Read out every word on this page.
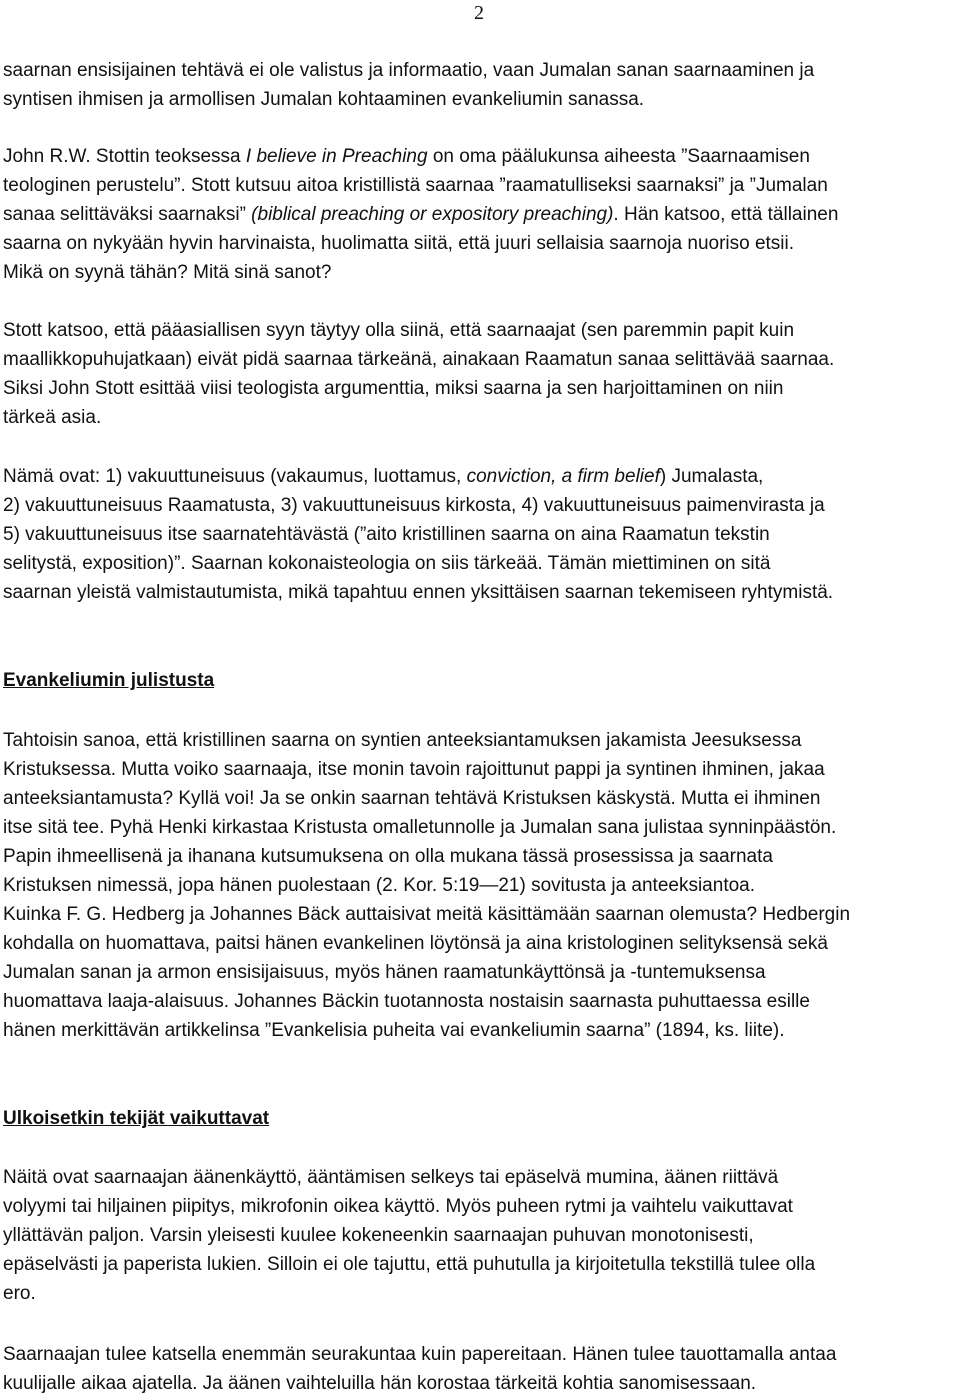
2

saarnan ensisijainen tehtävä ei ole valistus ja informaatio, vaan Jumalan sanan saarnaaminen ja
syntisen ihmisen ja armollisen Jumalan kohtaaminen evankeliumin sanassa.

John R.W. Stottin teoksessa I believe in Preaching on oma päälukunsa aiheesta ”Saarnaamisen
teologinen perustelu”. Stott kutsuu aitoa kristillistä saarnaa ”raamatulliseksi saarnaksi” ja ”Jumalan
sanaa selittäväksi saarnaksi” (biblical preaching or expository preaching). Hän katsoo, että tällainen
saarna on nykyään hyvin harvinaista, huolimatta siitä, että juuri sellaisia saarnoja nuoriso etsii.
Mikä on syynä tähän? Mitä sinä sanot?

Stott katsoo, että pääasiallisen syyn täytyy olla siinä, että saarnaajat (sen paremmin papit kuin
maallikkopuhujatkaan) eivät pidä saarnaa tärkeänä, ainakaan Raamatun sanaa selittävää saarnaa.
Siksi John Stott esittää viisi teologista argumenttia, miksi saarna ja sen harjoittaminen on niin
tärkeä asia.

Nämä ovat: 1) vakuuttuneisuus (vakaumus, luottamus, conviction, a firm belief) Jumalasta,
2) vakuuttuneisuus Raamatusta, 3) vakuuttuneisuus kirkosta, 4) vakuuttuneisuus paimenvirasta ja
5) vakuuttuneisuus itse saarnatehtävästä (”aito kristillinen saarna on aina Raamatun tekstin
selitystä, exposition)”. Saarnan kokonaisteologia on siis tärkeää. Tämän miettiminen on sitä
saarnan yleistä valmistautumista, mikä tapahtuu ennen yksittäisen saarnan tekemiseen ryhtymistä.

Evankeliumin julistusta

Tahtoisin sanoa, että kristillinen saarna on syntien anteeksiantamuksen jakamista Jeesuksessa
Kristuksessa. Mutta voiko saarnaaja, itse monin tavoin rajoittunut pappi ja syntinen ihminen, jakaa
anteeksiantamusta? Kyllä voi! Ja se onkin saarnan tehtävä Kristuksen käskystä. Mutta ei ihminen
itse sitä tee. Pyhä Henki kirkastaa Kristusta omalletunnolle ja Jumalan sana julistaa synninpäästön.
Papin ihmeellisenä ja ihanana kutsumuksena on olla mukana tässä prosessissa ja saarnata
Kristuksen nimessä, jopa hänen puolestaan (2. Kor. 5:19—21) sovitusta ja anteeksiantoa.
Kuinka F. G. Hedberg ja Johannes Bäck auttaisivat meitä käsittämään saarnan olemusta? Hedbergin
kohdalla on huomattava, paitsi hänen evankelinen löytönsä ja aina kristologinen selityksensä sekä
Jumalan sanan ja armon ensisijaisuus, myös hänen raamatunkäyttönsä ja -tuntemuksensa
huomattava laaja-alaisuus. Johannes Bäckin tuotannosta nostaisin saarnasta puhuttaessa esille
hänen merkittävän artikkelinsa ”Evankelisia puheita vai evankeliumin saarna” (1894, ks. liite).

Ulkoisetkin tekijät vaikuttavat

Näitä ovat saarnaajan äänenkäyttö, ääntämisen selkeys tai epäselvä mumina, äänen riittävä
volyymi tai hiljainen piipitys, mikrofonin oikea käyttö. Myös puheen rytmi ja vaihtelu vaikuttavat
yllättävän paljon. Varsin yleisesti kuulee kokeneenkin saarnaajan puhuvan monotonisesti,
epäselvästi ja paperista lukien. Silloin ei ole tajuttu, että puhutulla ja kirjoitetulla tekstillä tulee olla
ero.

Saarnaajan tulee katsella enemmän seurakuntaa kuin papereitaan. Hänen tulee tauottamalla antaa
kuulijalle aikaa ajatella. Ja äänen vaihteluilla hän korostaa tärkeitä kohtia sanomisessaan.
